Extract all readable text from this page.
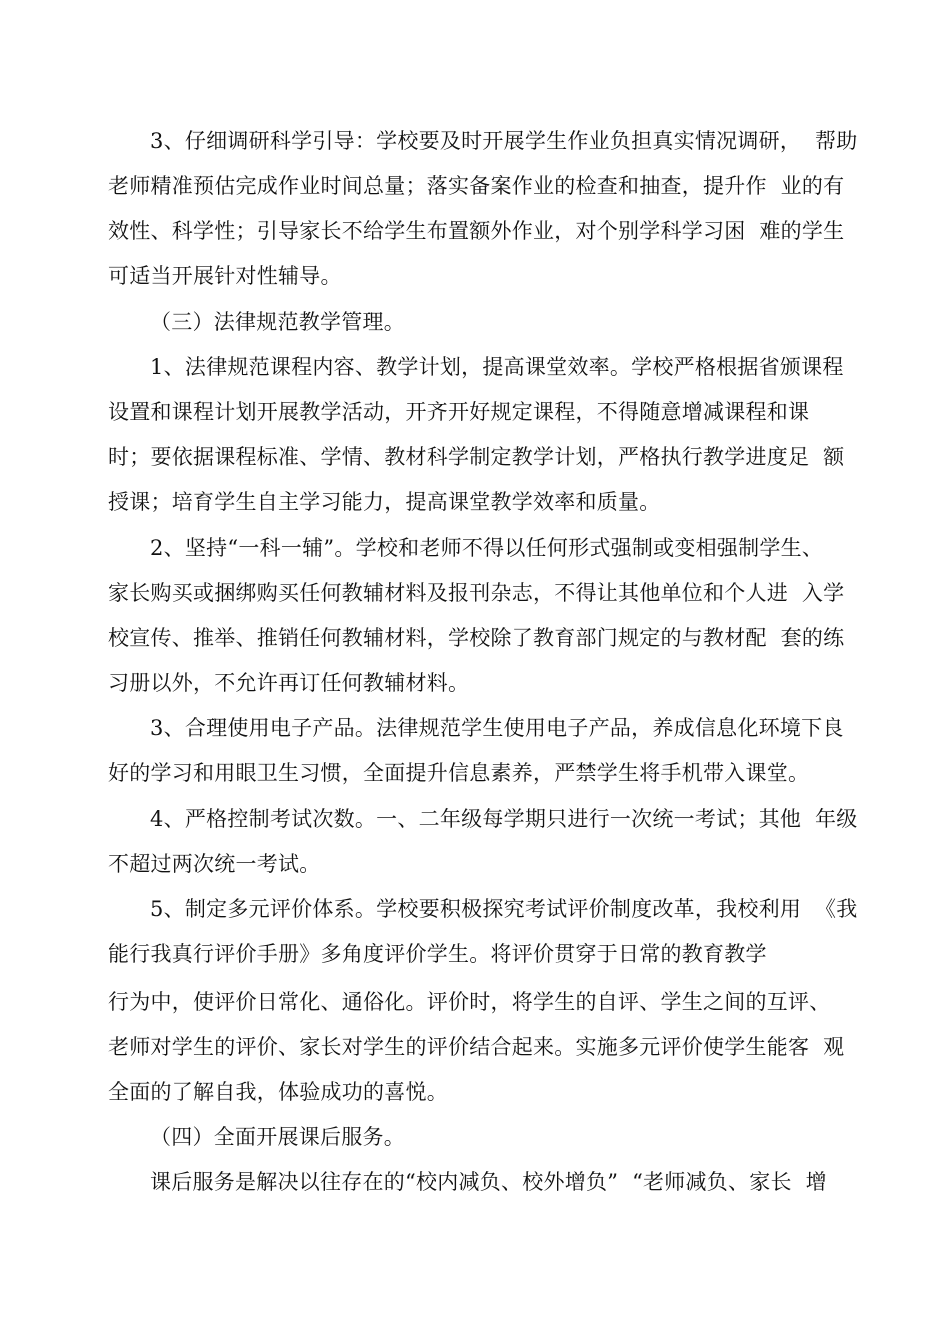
3、仔细调研科学引导：学校要及时开展学生作业负担真实情况调研，  帮助
老师精准预估完成作业时间总量；落实备案作业的检查和抽查，提升作  业的有
效性、科学性；引导家长不给学生布置额外作业，对个别学科学习困  难的学生
可适当开展针对性辅导。
（三）法律规范教学管理。
1、法律规范课程内容、教学计划，提高课堂效率。学校严格根据省颁课程
设置和课程计划开展教学活动，开齐开好规定课程，不得随意增减课程和课
时；要依据课程标准、学情、教材科学制定教学计划，严格执行教学进度足  额
授课；培育学生自主学习能力，提高课堂教学效率和质量。
2、坚持“一科一辅”。学校和老师不得以任何形式强制或变相强制学生、
家长购买或捆绑购买任何教辅材料及报刊杂志，不得让其他单位和个人进  入学
校宣传、推举、推销任何教辅材料，学校除了教育部门规定的与教材配  套的练
习册以外，不允许再订任何教辅材料。
3、合理使用电子产品。法律规范学生使用电子产品，养成信息化环境下良
好的学习和用眼卫生习惯，全面提升信息素养，严禁学生将手机带入课堂。
4、严格控制考试次数。一、二年级每学期只进行一次统一考试；其他  年级
不超过两次统一考试。
5、制定多元评价体系。学校要积极探究考试评价制度改革，我校利用  《我
能行我真行评价手册》多角度评价学生。将评价贯穿于日常的教育教学
行为中，使评价日常化、通俗化。评价时，将学生的自评、学生之间的互评、
老师对学生的评价、家长对学生的评价结合起来。实施多元评价使学生能客  观
全面的了解自我，体验成功的喜悦。
（四）全面开展课后服务。
课后服务是解决以往存在的“校内减负、校外增负”  “老师减负、家长  增
